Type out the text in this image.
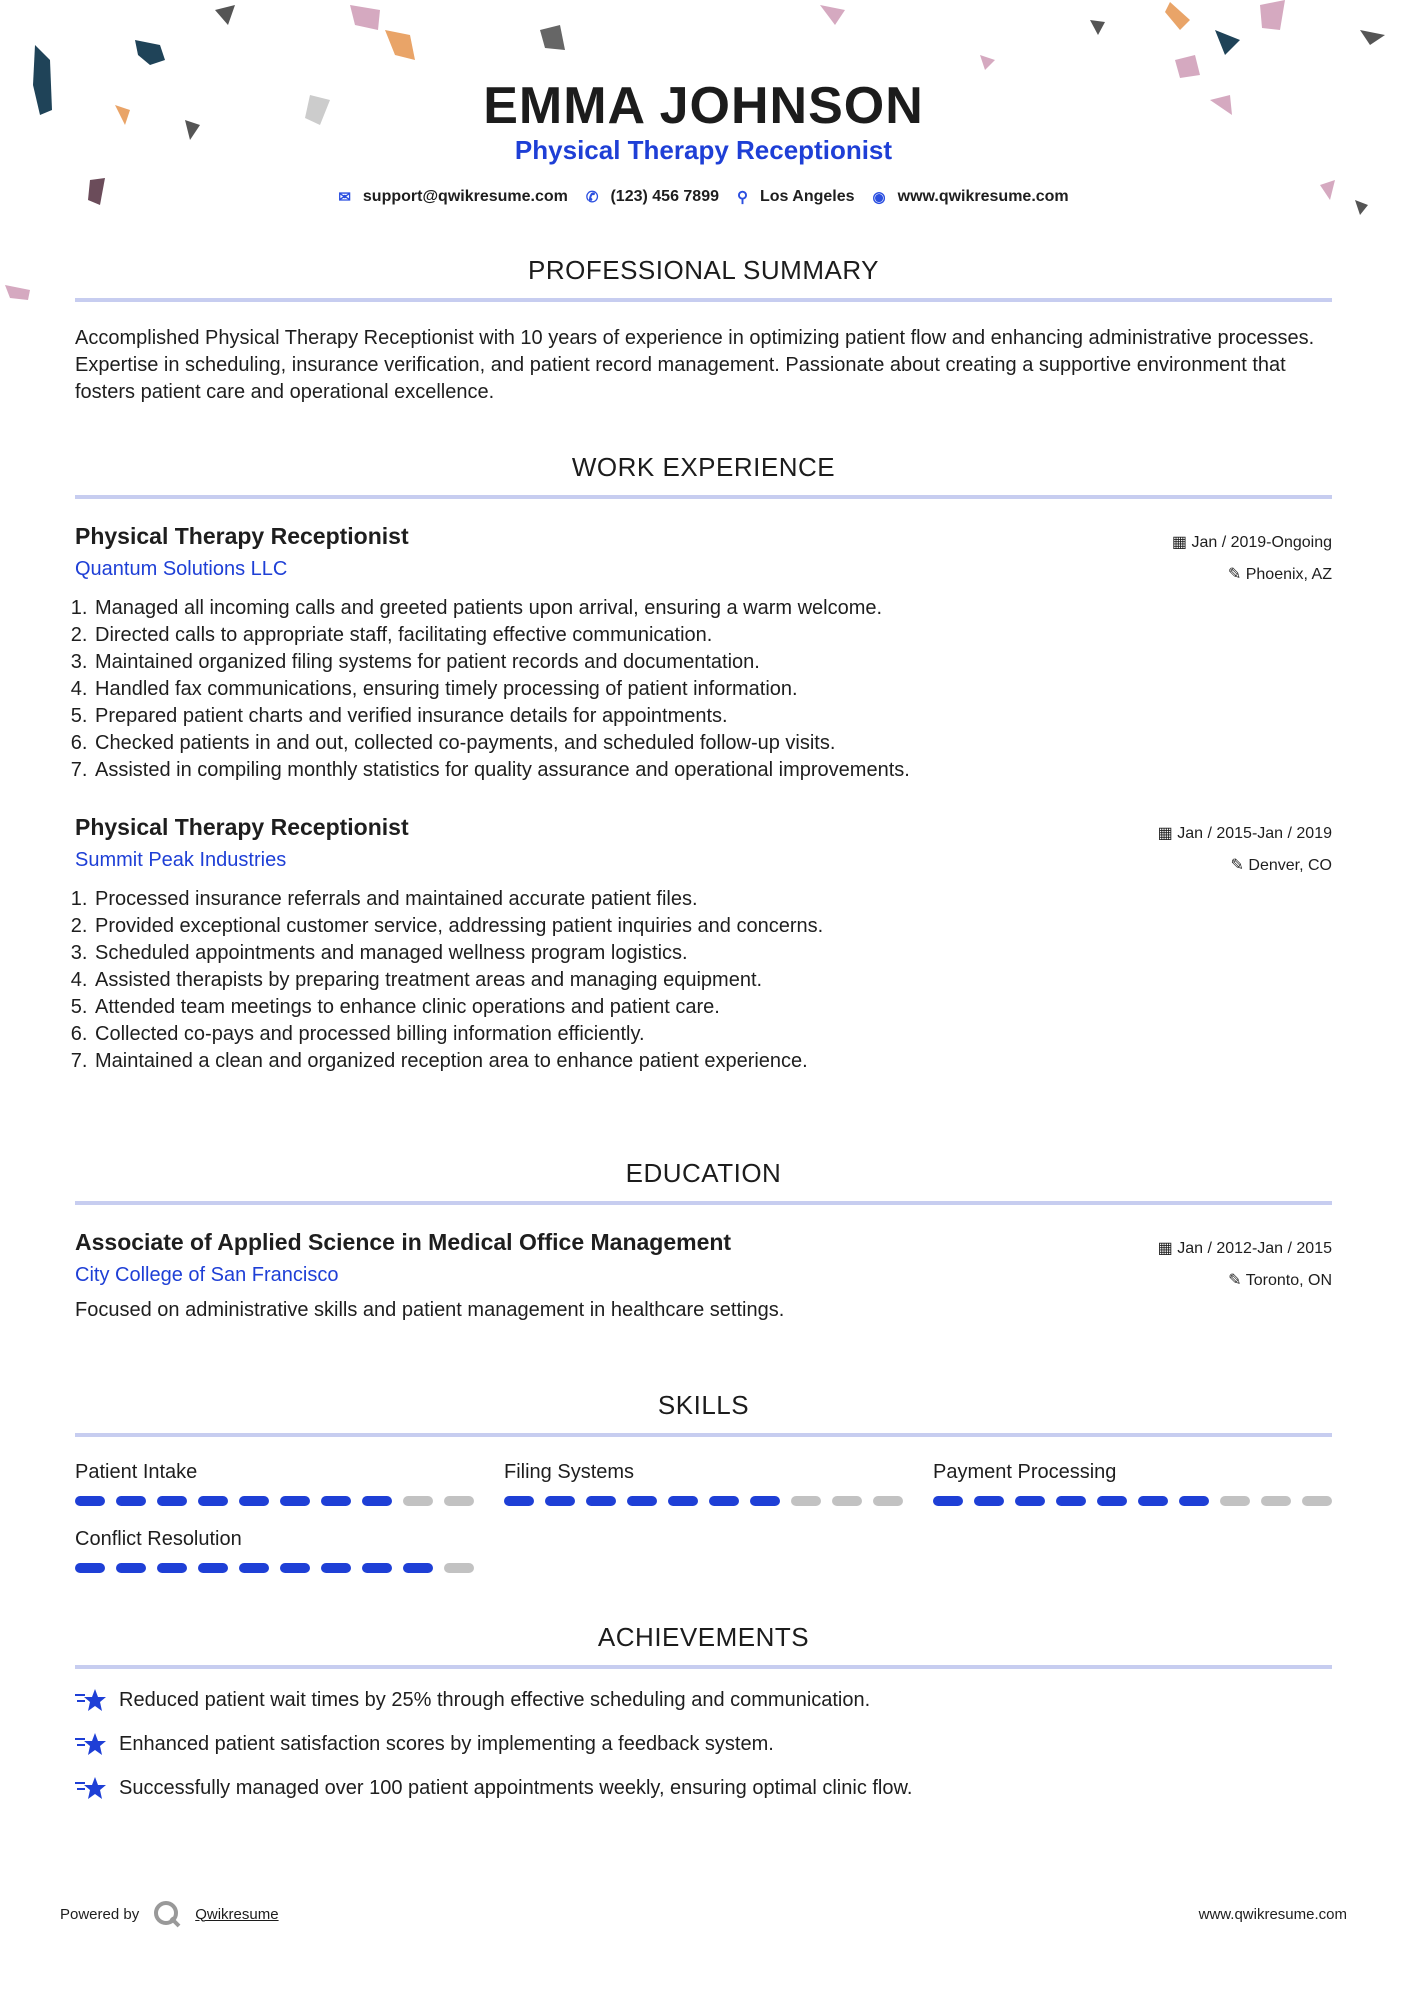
EMMA JOHNSON
Physical Therapy Receptionist
✉ support@qwikresume.com ✆ (123) 456 7899 ⚲ Los Angeles ◉ www.qwikresume.com
PROFESSIONAL SUMMARY

Accomplished Physical Therapy Receptionist with 10 years of experience in optimizing patient flow and enhancing administrative processes. Expertise in scheduling, insurance verification, and patient record management. Passionate about creating a supportive environment that fosters patient care and operational excellence.

WORK EXPERIENCE
Physical Therapy Receptionist
Quantum Solutions LLC
▦ Jan / 2019-Ongoing
✎ Phoenix, AZ
1. Managed all incoming calls and greeted patients upon arrival, ensuring a warm welcome.
2. Directed calls to appropriate staff, facilitating effective communication.
3. Maintained organized filing systems for patient records and documentation.
4. Handled fax communications, ensuring timely processing of patient information.
5. Prepared patient charts and verified insurance details for appointments.
6. Checked patients in and out, collected co-payments, and scheduled follow-up visits.
7. Assisted in compiling monthly statistics for quality assurance and operational improvements.
Physical Therapy Receptionist
Summit Peak Industries
▦ Jan / 2015-Jan / 2019
✎ Denver, CO
1. Processed insurance referrals and maintained accurate patient files.
2. Provided exceptional customer service, addressing patient inquiries and concerns.
3. Scheduled appointments and managed wellness program logistics.
4. Assisted therapists by preparing treatment areas and managing equipment.
5. Attended team meetings to enhance clinic operations and patient care.
6. Collected co-pays and processed billing information efficiently.
7. Maintained a clean and organized reception area to enhance patient experience.
EDUCATION
Associate of Applied Science in Medical Office Management
City College of San Francisco
▦ Jan / 2012-Jan / 2015
✎ Toronto, ON

Focused on administrative skills and patient management in healthcare settings.

SKILLS
Patient Intake	Filing Systems	Payment Processing
Conflict Resolution
ACHIEVEMENTS
Reduced patient wait times by 25% through effective scheduling and communication.
Enhanced patient satisfaction scores by implementing a feedback system.
Successfully managed over 100 patient appointments weekly, ensuring optimal clinic flow.
Powered by	Qwikresume	www.qwikresume.com
